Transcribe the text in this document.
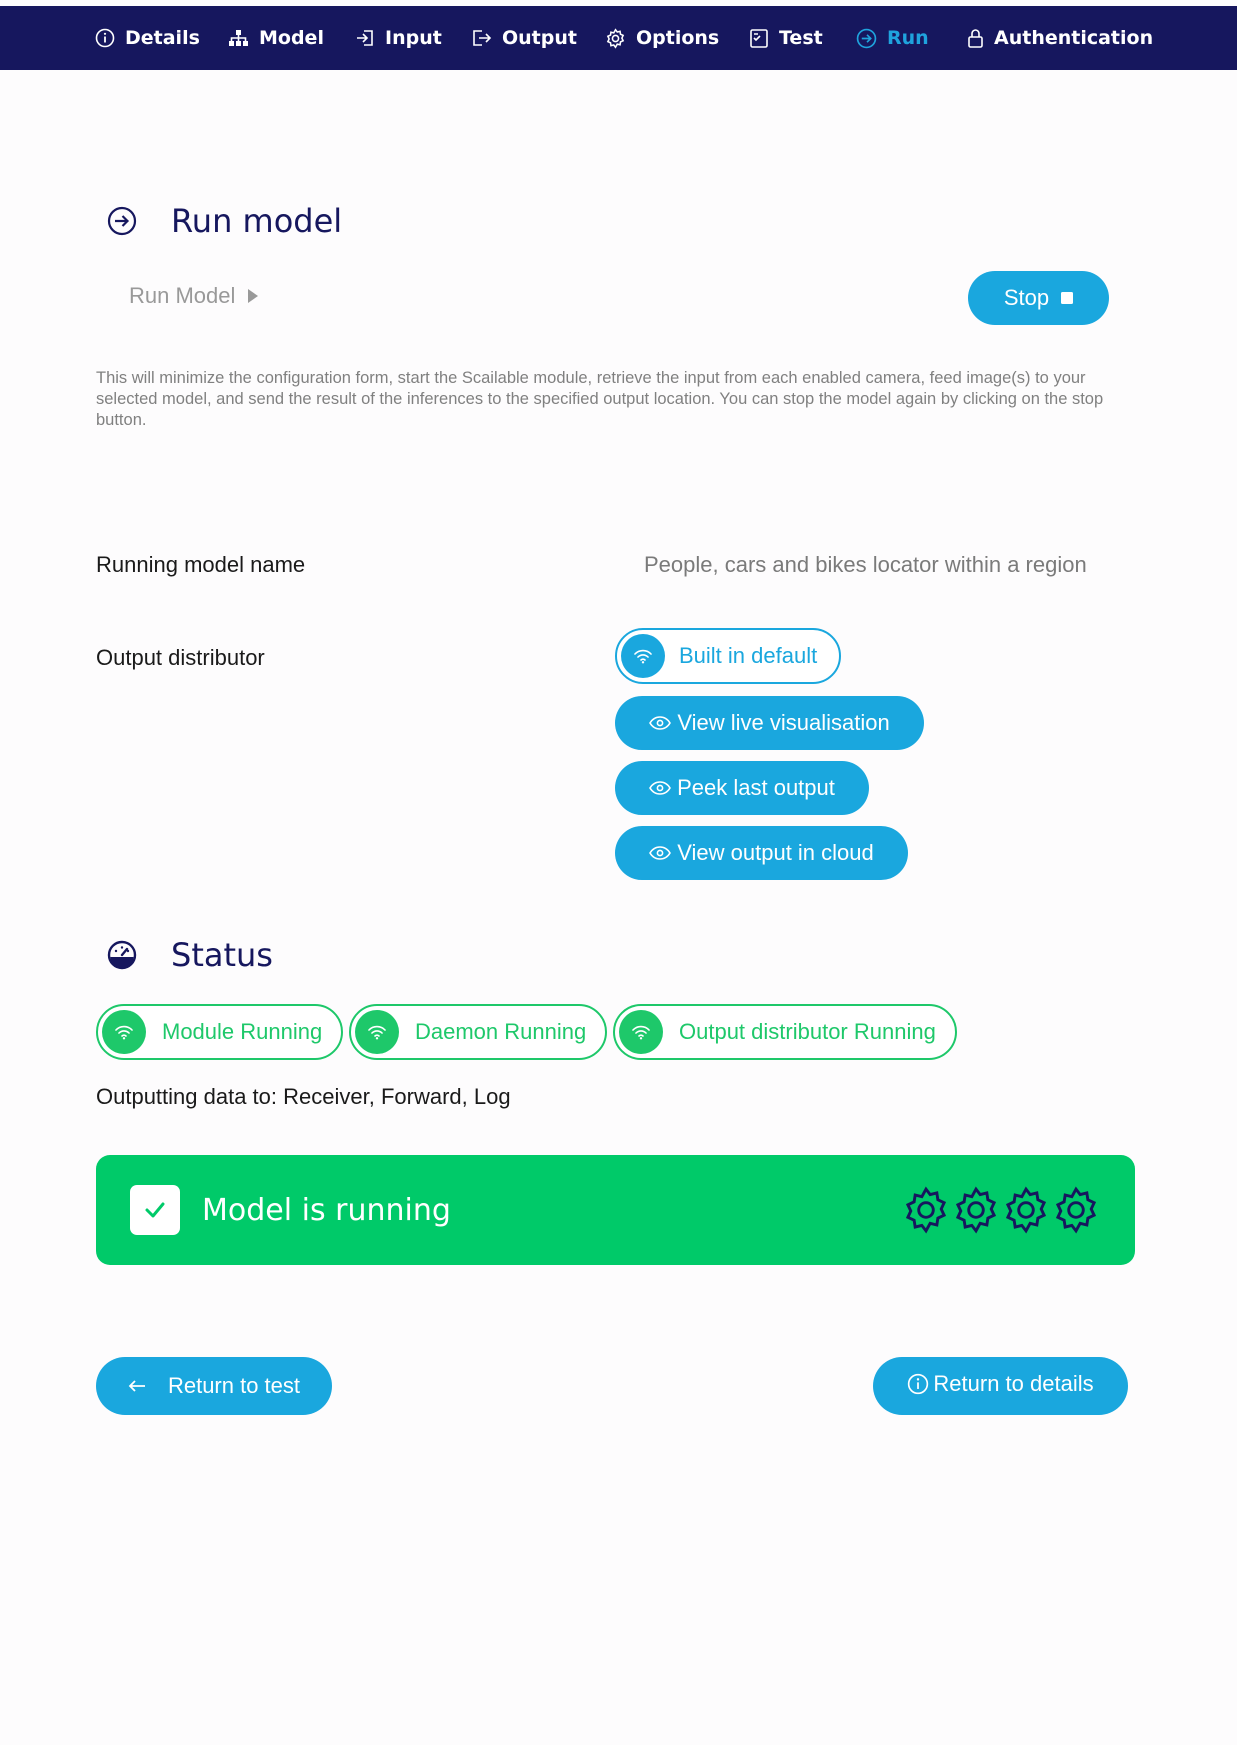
Details	Model	Input	Output	Options	Test	Run	Authentication
Run model
Run Model	Stop
This will minimize the configuration form, start the Scailable module, retrieve the input from each enabled camera, feed image(s) to your selected model, and send the result of the inferences to the specified output location. You can stop the model again by clicking on the stop button.
Running model name	People, cars and bikes locator within a region
Output distributor	Built in default
View live visualisation
Peek last output
View output in cloud
Status
Module Running	Daemon Running	Output distributor Running
Outputting data to: Receiver, Forward, Log
Model is running
Return to test	Return to details
